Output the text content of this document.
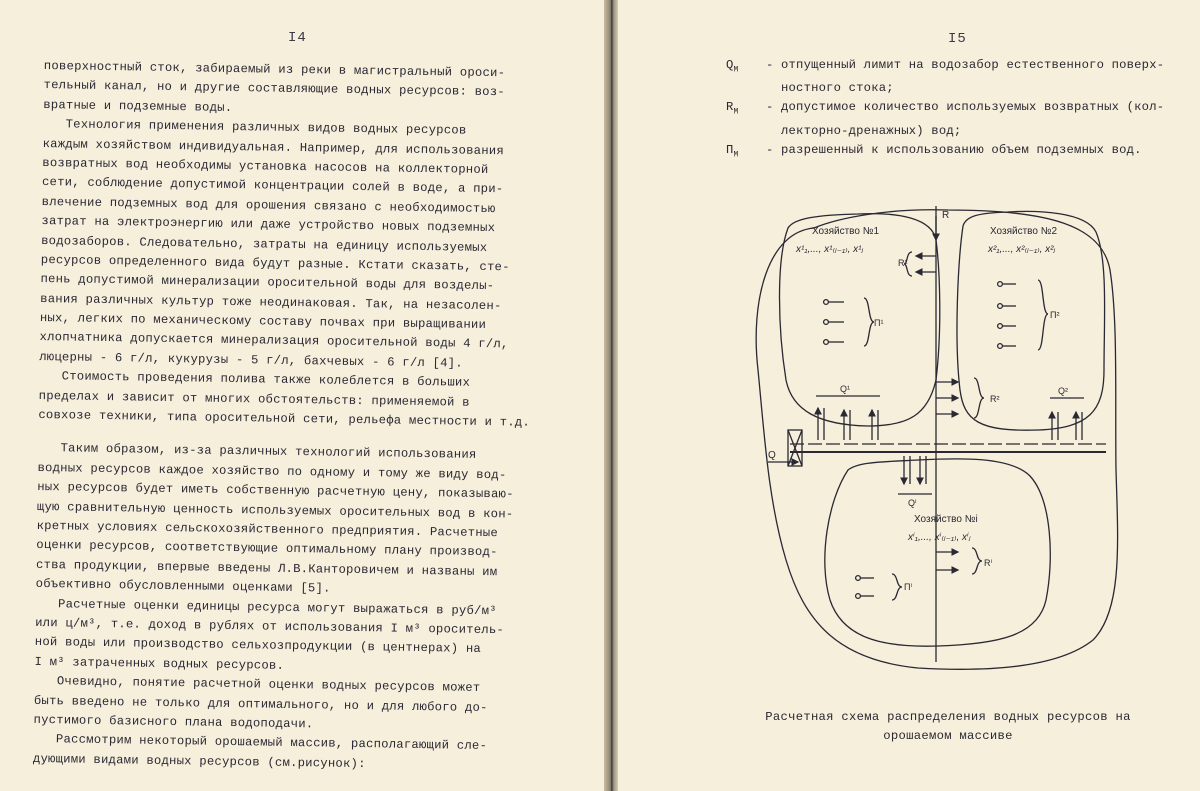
I4
поверхностный сток, забираемый из реки в магистральный ороси-
тельный канал, но и другие составляющие водных ресурсов: воз-
вратные и подземные воды.
Технология применения различных видов водных ресурсов
каждым хозяйством индивидуальная. Например, для использования
возвратных вод необходимы установка насосов на коллекторной
сети, соблюдение допустимой концентрации солей в воде, а при-
влечение подземных вод для орошения связано с необходимостью
затрат на электроэнергию или даже устройство новых подземных
водозаборов. Следовательно, затраты на единицу используемых
ресурсов определенного вида будут разные. Кстати сказать, сте-
пень допустимой минерализации оросительной воды для возделы-
вания различных культур тоже неодинаковая. Так, на незасолен-
ных, легких по механическому составу почвах при выращивании
хлопчатника допускается минерализация оросительной воды 4 г/л,
люцерны - 6 г/л, кукурузы - 5 г/л, бахчевых - 6 г/л [4].
Стоимость проведения полива также колеблется в больших
пределах и зависит от многих обстоятельств: применяемой в
совхозе техники, типа оросительной сети, рельефа местности и т.д.
Таким образом, из-за различных технологий использования
водных ресурсов каждое хозяйство по одному и тому же виду вод-
ных ресурсов будет иметь собственную расчетную цену, показываю-
щую сравнительную ценность используемых оросительных вод в кон-
кретных условиях сельскохозяйственного предприятия. Расчетные
оценки ресурсов, соответствующие оптимальному плану производ-
ства продукции, впервые введены Л.В.Канторовичем и названы им
объективно обусловленными оценками [5].
Расчетные оценки единицы ресурса могут выражаться в руб/м³
или ц/м³, т.е. доход в рублях от использования I м³ ороситель-
ной воды или производство сельхозпродукции (в центнерах) на
I м³ затраченных водных ресурсов.
Очевидно, понятие расчетной оценки водных ресурсов может
быть введено не только для оптимального, но и для любого до-
пустимого базисного плана водоподачи.
Рассмотрим некоторый орошаемый массив, располагающий сле-
дующими видами водных ресурсов (см.рисунок):
I5
$Q_М$	- отпущенный лимит на водозабор естественного поверх-
ностного стока;
$R_М$	- допустимое количество используемых возвратных (кол-
лекторно-дренажных) вод;
$П_М$	- разрешенный к использованию объем подземных вод.
Хозяйство №1
x¹₁,..., x¹₍ⱼ₋₁₎, x¹ⱼ
Хозяйство №2
x²₁,..., x²₍ⱼ₋₁₎, x²ⱼ
Хозяйство №i
xⁱ₁,..., xⁱ₍ⱼ₋₁₎, xⁱⱼ
R
Q
R¹
R²
Rⁱ
П¹
П²
Пⁱ
Q¹	Q²
Qⁱ
Расчетная схема распределения водных ресурсов на
орошаемом массиве
